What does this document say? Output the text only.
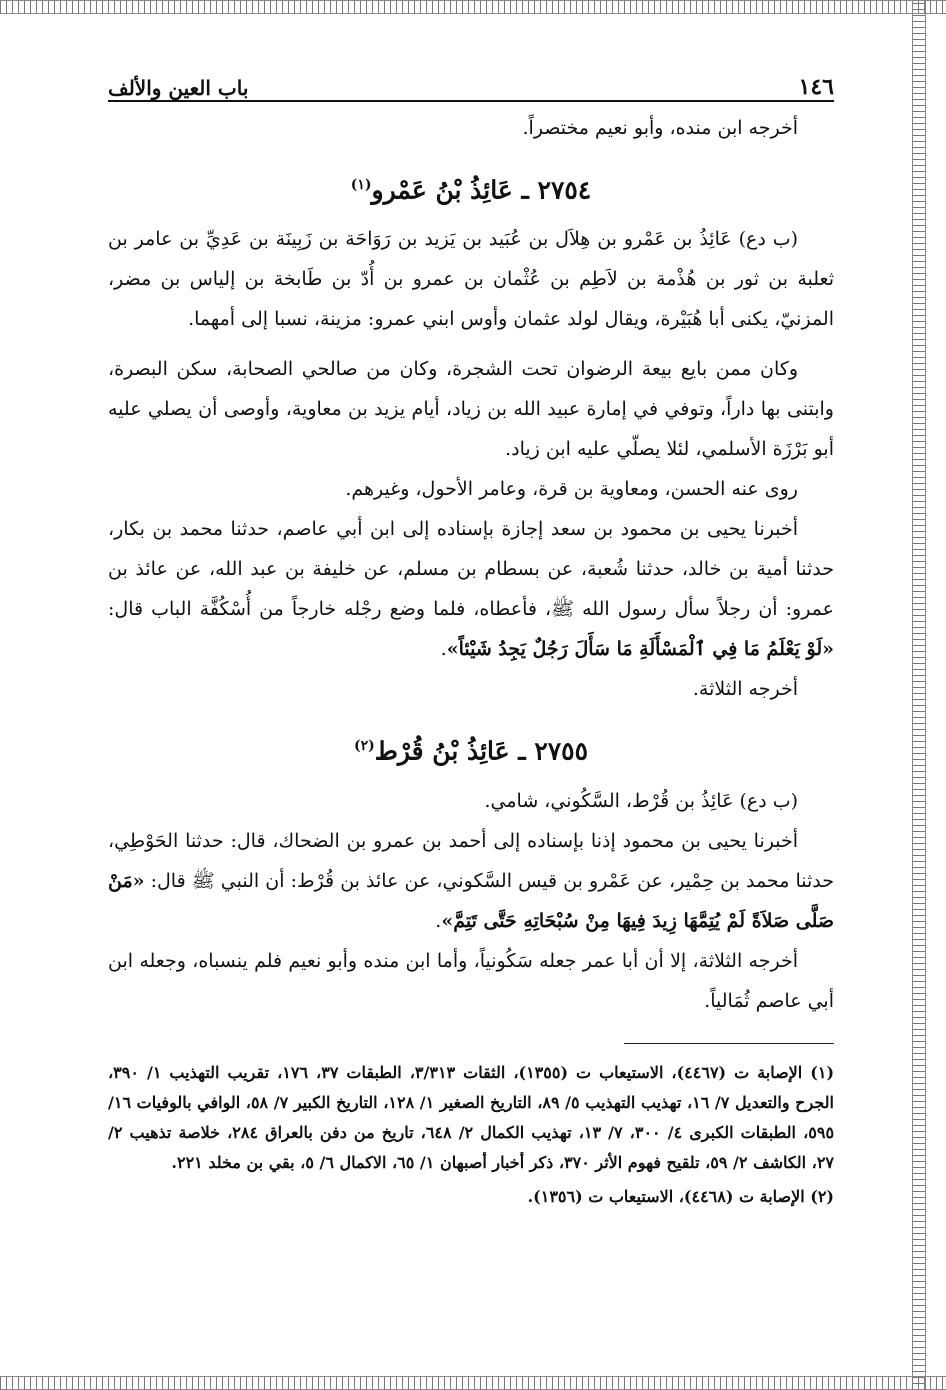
١٤٦
باب العين والألف

أخرجه ابن منده، وأبو نعيم مختصراً.

٢٧٥٤ ـ عَائِذُ بْنُ عَمْرو$^{(١)}$

(ب دع) عَائِذُ بن عَمْرو بن هِلاَل بن عُبَيد بن يَزيد بن رَوَاحَة بن زَبِينَة بن عَدِيِّ بن عامر بن ثعلبة بن ثور بن هُذْمة بن لاَطِم بن عُثْمان بن عمرو بن أُدّ بن طَابخة بن إلياس بن مضر، المزنيّ، يكنى أبا هُبَيْرة، ويقال لولد عثمان وأوس ابني عمرو: مزينة، نسبا إلى أمهما.

وكان ممن بايع بيعة الرضوان تحت الشجرة، وكان من صالحي الصحابة، سكن البصرة، وابتنى بها داراً، وتوفي في إمارة عبيد الله بن زياد، أيام يزيد بن معاوية، وأوصى أن يصلي عليه أبو بَرْزَة الأسلمي، لئلا يصلّي عليه ابن زياد.

روى عنه الحسن، ومعاوية بن قرة، وعامر الأحول، وغيرهم.

أخبرنا يحيى بن محمود بن سعد إجازة بإسناده إلى ابن أبي عاصم، حدثنا محمد بن بكار، حدثنا أمية بن خالد، حدثنا شُعبة، عن بسطام بن مسلم، عن خليفة بن عبد الله، عن عائذ بن عمرو: أن رجلاً سأل رسول الله ﷺ، فأعطاه، فلما وضع رجْله خارجاً من أُسْكُفَّة الباب قال: «لَوْ يَعْلَمُ مَا فِي ٱلْمَسْأَلَةِ مَا سَأَلَ رَجُلٌ يَجِدُ شَيْئاً».

أخرجه الثلاثة.

٢٧٥٥ ـ عَائِذُ بْنُ قُرْط$^{(٢)}$

(ب دع) عَائِذُ بن قُرْط، السَّكُوني، شامي.

أخبرنا يحيى بن محمود إذنا بإسناده إلى أحمد بن عمرو بن الضحاك، قال: حدثنا الحَوْطِي، حدثنا محمد بن حِمْير، عن عَمْرو بن قيس السَّكوني، عن عائذ بن قُرْط: أن النبي ﷺ قال: «مَنْ صَلَّى صَلاَةً لَمْ يُتِمَّهَا زِيدَ فِيهَا مِنْ سُبْحَاتِهِ حَتَّى تَتِمَّ».

أخرجه الثلاثة، إلا أن أبا عمر جعله سَكُونياً، وأما ابن منده وأبو نعيم فلم ينسباه، وجعله ابن أبي عاصم ثُمَالياً.

(١) الإصابة ت (٤٤٦٧)، الاستيعاب ت (١٣٥٥)، الثقات ٣/٣١٣، الطبقات ٣٧، ١٧٦، تقريب التهذيب ١/ ٣٩٠، الجرح والتعديل ٧/ ١٦، تهذيب التهذيب ٥/ ٨٩، التاريخ الصغير ١/ ١٢٨، التاريخ الكبير ٧/ ٥٨، الوافي بالوفيات ١٦/ ٥٩٥، الطبقات الكبرى ٤/ ٣٠٠، ٧/ ١٣، تهذيب الكمال ٢/ ٦٤٨، تاريخ من دفن بالعراق ٢٨٤، خلاصة تذهيب ٢/ ٢٧، الكاشف ٢/ ٥٩، تلقيح فهوم الأثر ٣٧٠، ذكر أخبار أصبهان ١/ ٦٥، الاكمال ٦/ ٥، بقي بن مخلد ٢٢١.

(٢) الإصابة ت (٤٤٦٨)، الاستيعاب ت (١٣٥٦).
